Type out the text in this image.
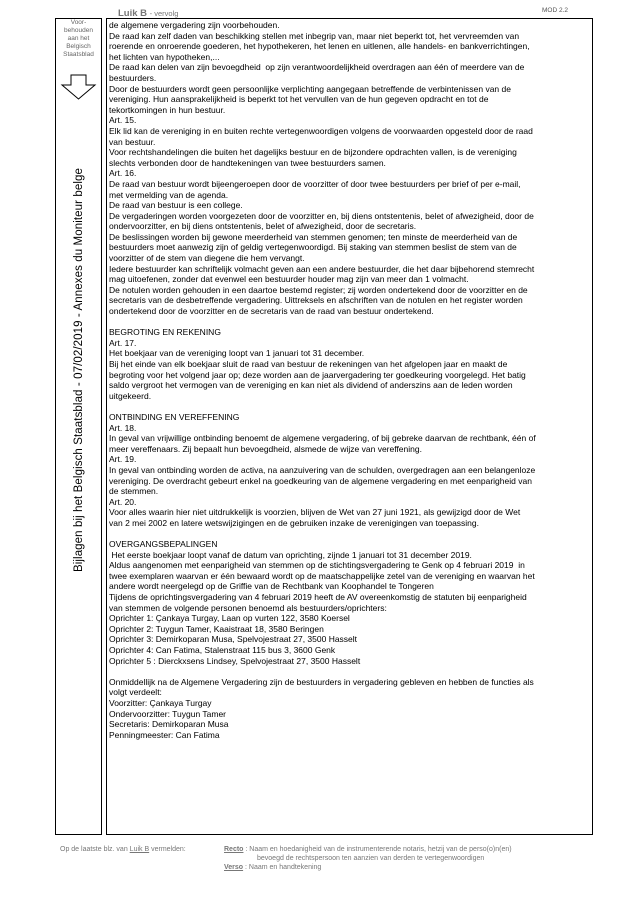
Voor-
behouden
aan het
Belgisch
Staatsblad
Bijlagen bij het Belgisch Staatsblad - 07/02/2019 - Annexes du Moniteur belge
Luik B - vervolg	MOD 2.2
de algemene vergadering zijn voorbehouden.
De raad kan zelf daden van beschikking stellen met inbegrip van, maar niet beperkt tot, het vervreemden van
roerende en onroerende goederen, het hypothekeren, het lenen en uitlenen, alle handels- en bankverrichtingen,
het lichten van hypotheken,...
De raad kan delen van zijn bevoegdheid  op zijn verantwoordelijkheid overdragen aan één of meerdere van de
bestuurders.
Door de bestuurders wordt geen persoonlijke verplichting aangegaan betreffende de verbintenissen van de
vereniging. Hun aansprakelijkheid is beperkt tot het vervullen van de hun gegeven opdracht en tot de
tekortkomingen in hun bestuur.
Art. 15.
Elk lid kan de vereniging in en buiten rechte vertegenwoordigen volgens de voorwaarden opgesteld door de raad
van bestuur.
Voor rechtshandelingen die buiten het dagelijks bestuur en de bijzondere opdrachten vallen, is de vereniging
slechts verbonden door de handtekeningen van twee bestuurders samen.
Art. 16.
De raad van bestuur wordt bijeengeroepen door de voorzitter of door twee bestuurders per brief of per e-mail,
met vermelding van de agenda.
De raad van bestuur is een college.
De vergaderingen worden voorgezeten door de voorzitter en, bij diens ontstentenis, belet of afwezigheid, door de
ondervoorzitter, en bij diens ontstentenis, belet of afwezigheid, door de secretaris.
De beslissingen worden bij gewone meerderheid van stemmen genomen; ten minste de meerderheid van de
bestuurders moet aanwezig zijn of geldig vertegenwoordigd. Bij staking van stemmen beslist de stem van de
voorzitter of de stem van diegene die hem vervangt.
Iedere bestuurder kan schriftelijk volmacht geven aan een andere bestuurder, die het daar bijbehorend stemrecht
mag uitoefenen, zonder dat evenwel een bestuurder houder mag zijn van meer dan 1 volmacht.
De notulen worden gehouden in een daartoe bestemd register; zij worden ondertekend door de voorzitter en de
secretaris van de desbetreffende vergadering. Uittreksels en afschriften van de notulen en het register worden
ondertekend door de voorzitter en de secretaris van de raad van bestuur ondertekend.
BEGROTING EN REKENING
Art. 17.
Het boekjaar van de vereniging loopt van 1 januari tot 31 december.
Bij het einde van elk boekjaar sluit de raad van bestuur de rekeningen van het afgelopen jaar en maakt de
begroting voor het volgend jaar op; deze worden aan de jaarvergadering ter goedkeuring voorgelegd. Het batig
saldo vergroot het vermogen van de vereniging en kan niet als dividend of anderszins aan de leden worden
uitgekeerd.
ONTBINDING EN VEREFFENING
Art. 18.
In geval van vrijwillige ontbinding benoemt de algemene vergadering, of bij gebreke daarvan de rechtbank, één of
meer vereffenaars. Zij bepaalt hun bevoegdheid, alsmede de wijze van vereffening.
Art. 19.
In geval van ontbinding worden de activa, na aanzuivering van de schulden, overgedragen aan een belangenloze
vereniging. De overdracht gebeurt enkel na goedkeuring van de algemene vergadering en met eenparigheid van
de stemmen.
Art. 20.
Voor alles waarin hier niet uitdrukkelijk is voorzien, blijven de Wet van 27 juni 1921, als gewijzigd door de Wet
van 2 mei 2002 en latere wetswijzigingen en de gebruiken inzake de verenigingen van toepassing.
OVERGANGSBEPALINGEN
Het eerste boekjaar loopt vanaf de datum van oprichting, zijnde 1 januari tot 31 december 2019.
Aldus aangenomen met eenparigheid van stemmen op de stichtingsvergadering te Genk op 4 februari 2019  in
twee exemplaren waarvan er één bewaard wordt op de maatschappelijke zetel van de vereniging en waarvan het
andere wordt neergelegd op de Griffie van de Rechtbank van Koophandel te Tongeren
Tijdens de oprichtingsvergadering van 4 februari 2019 heeft de AV overeenkomstig de statuten bij eenparigheid
van stemmen de volgende personen benoemd als bestuurders/oprichters:
Oprichter 1: Çankaya Turgay, Laan op vurten 122, 3580 Koersel
Oprichter 2: Tuygun Tamer, Kaaistraat 18, 3580 Beringen
Oprichter 3: Demirkoparan Musa, Spelvojestraat 27, 3500 Hasselt
Oprichter 4: Can Fatima, Stalenstraat 115 bus 3, 3600 Genk
Oprichter 5 : Dierckxsens Lindsey, Spelvojestraat 27, 3500 Hasselt
Onmiddellijk na de Algemene Vergadering zijn de bestuurders in vergadering gebleven en hebben de functies als
volgt verdeelt:
Voorzitter: Çankaya Turgay
Ondervoorzitter: Tuygun Tamer
Secretaris: Demirkoparan Musa
Penningmeester: Can Fatima
Op de laatste blz. van Luik B vermelden:	Recto : Naam en hoedanigheid van de instrumenterende notaris, hetzij van de perso(o)n(en)
bevoegd de rechtspersoon ten aanzien van derden te vertegenwoordigen
Verso : Naam en handtekening
